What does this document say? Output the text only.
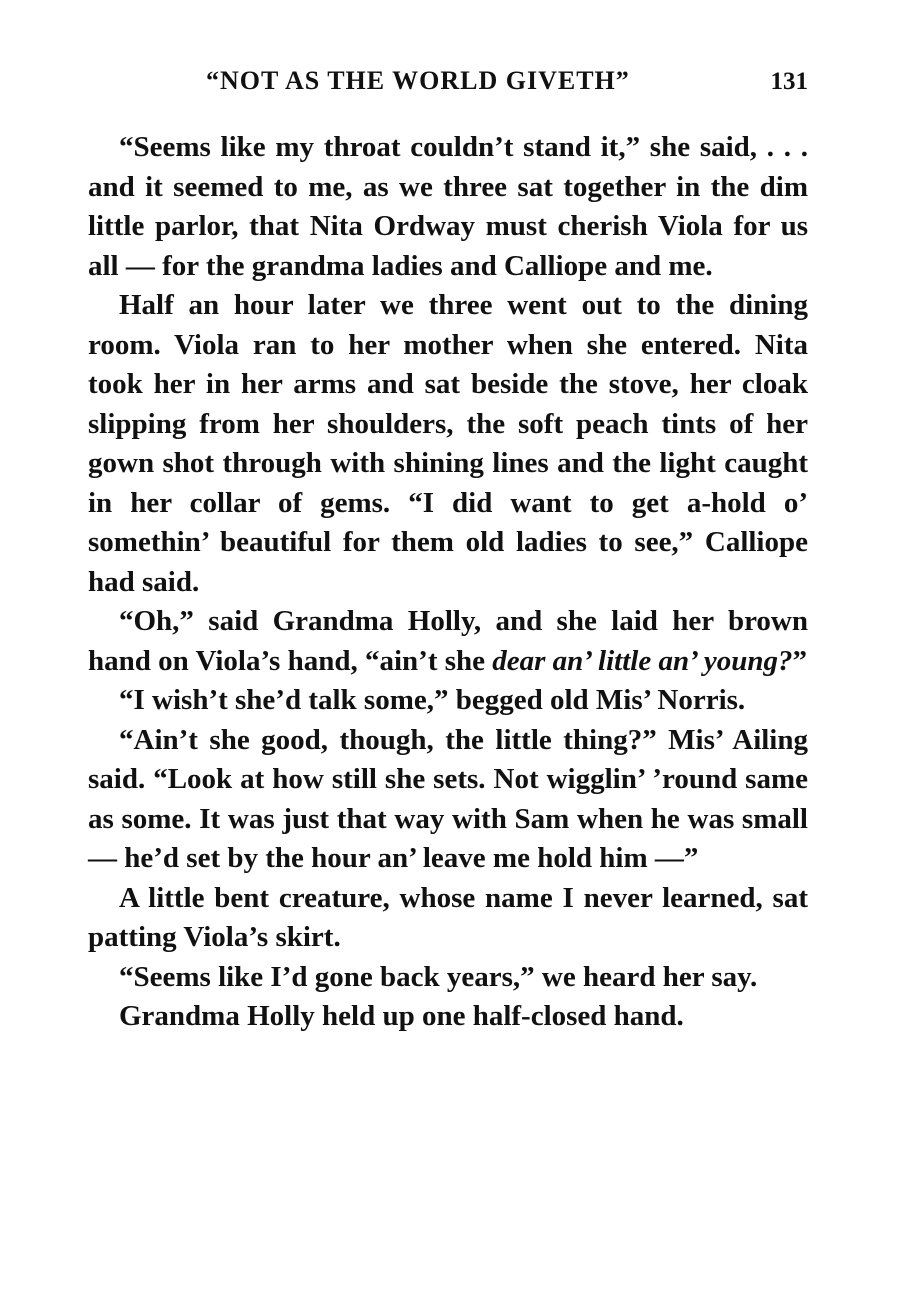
“NOT AS THE WORLD GIVETH”	131

“Seems like my throat couldn’t stand it,” she said, . . . and it seemed to me, as we three sat together in the dim little parlor, that Nita Ordway must cherish Viola for us all — for the grandma ladies and Calliope and me.

Half an hour later we three went out to the dining room. Viola ran to her mother when she entered. Nita took her in her arms and sat beside the stove, her cloak slipping from her shoulders, the soft peach tints of her gown shot through with shining lines and the light caught in her collar of gems. “I did want to get a-hold o’ somethin’ beautiful for them old ladies to see,” Calliope had said.

“Oh,” said Grandma Holly, and she laid her brown hand on Viola’s hand, “ain’t she dear an’ little an’ young?”

“I wish’t she’d talk some,” begged old Mis’ Norris.

“Ain’t she good, though, the little thing?” Mis’ Ailing said. “Look at how still she sets. Not wigglin’ ’round same as some. It was just that way with Sam when he was small — he’d set by the hour an’ leave me hold him —”

A little bent creature, whose name I never learned, sat patting Viola’s skirt.

“Seems like I’d gone back years,” we heard her say.

Grandma Holly held up one half-closed hand.
